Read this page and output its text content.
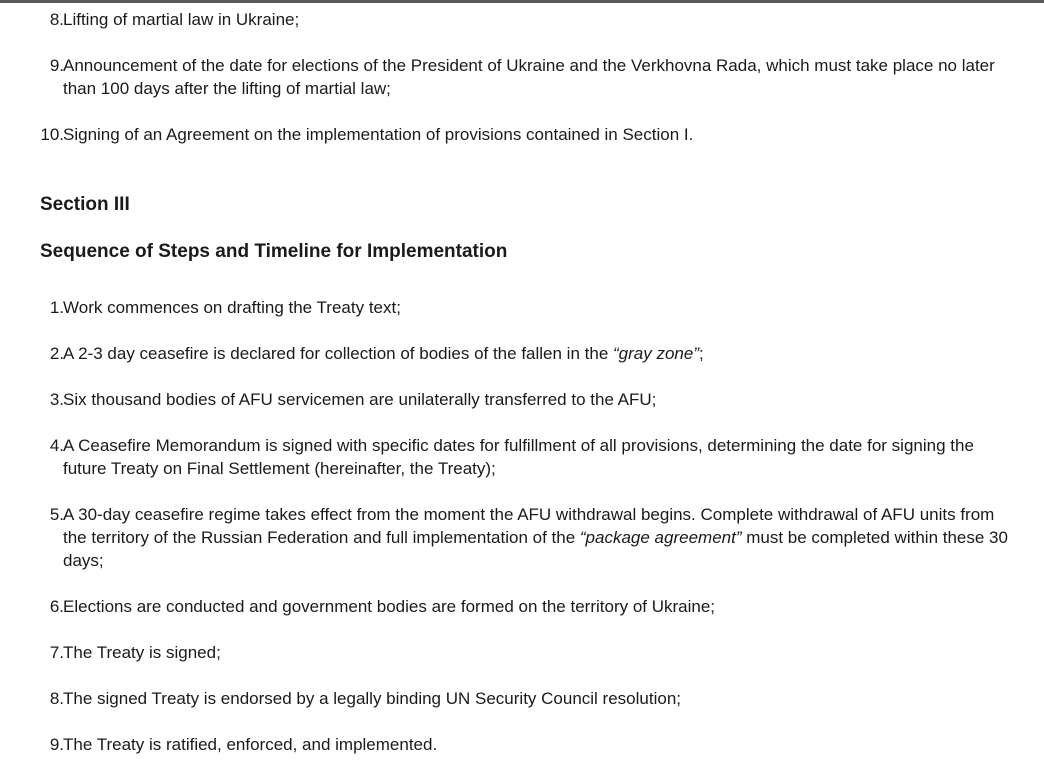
8. Lifting of martial law in Ukraine;
9. Announcement of the date for elections of the President of Ukraine and the Verkhovna Rada, which must take place no later than 100 days after the lifting of martial law;
10. Signing of an Agreement on the implementation of provisions contained in Section I.
Section III
Sequence of Steps and Timeline for Implementation
1. Work commences on drafting the Treaty text;
2. A 2-3 day ceasefire is declared for collection of bodies of the fallen in the “gray zone”;
3. Six thousand bodies of AFU servicemen are unilaterally transferred to the AFU;
4. A Ceasefire Memorandum is signed with specific dates for fulfillment of all provisions, determining the date for signing the future Treaty on Final Settlement (hereinafter, the Treaty);
5. A 30-day ceasefire regime takes effect from the moment the AFU withdrawal begins. Complete withdrawal of AFU units from the territory of the Russian Federation and full implementation of the “package agreement” must be completed within these 30 days;
6. Elections are conducted and government bodies are formed on the territory of Ukraine;
7. The Treaty is signed;
8. The signed Treaty is endorsed by a legally binding UN Security Council resolution;
9. The Treaty is ratified, enforced, and implemented.
